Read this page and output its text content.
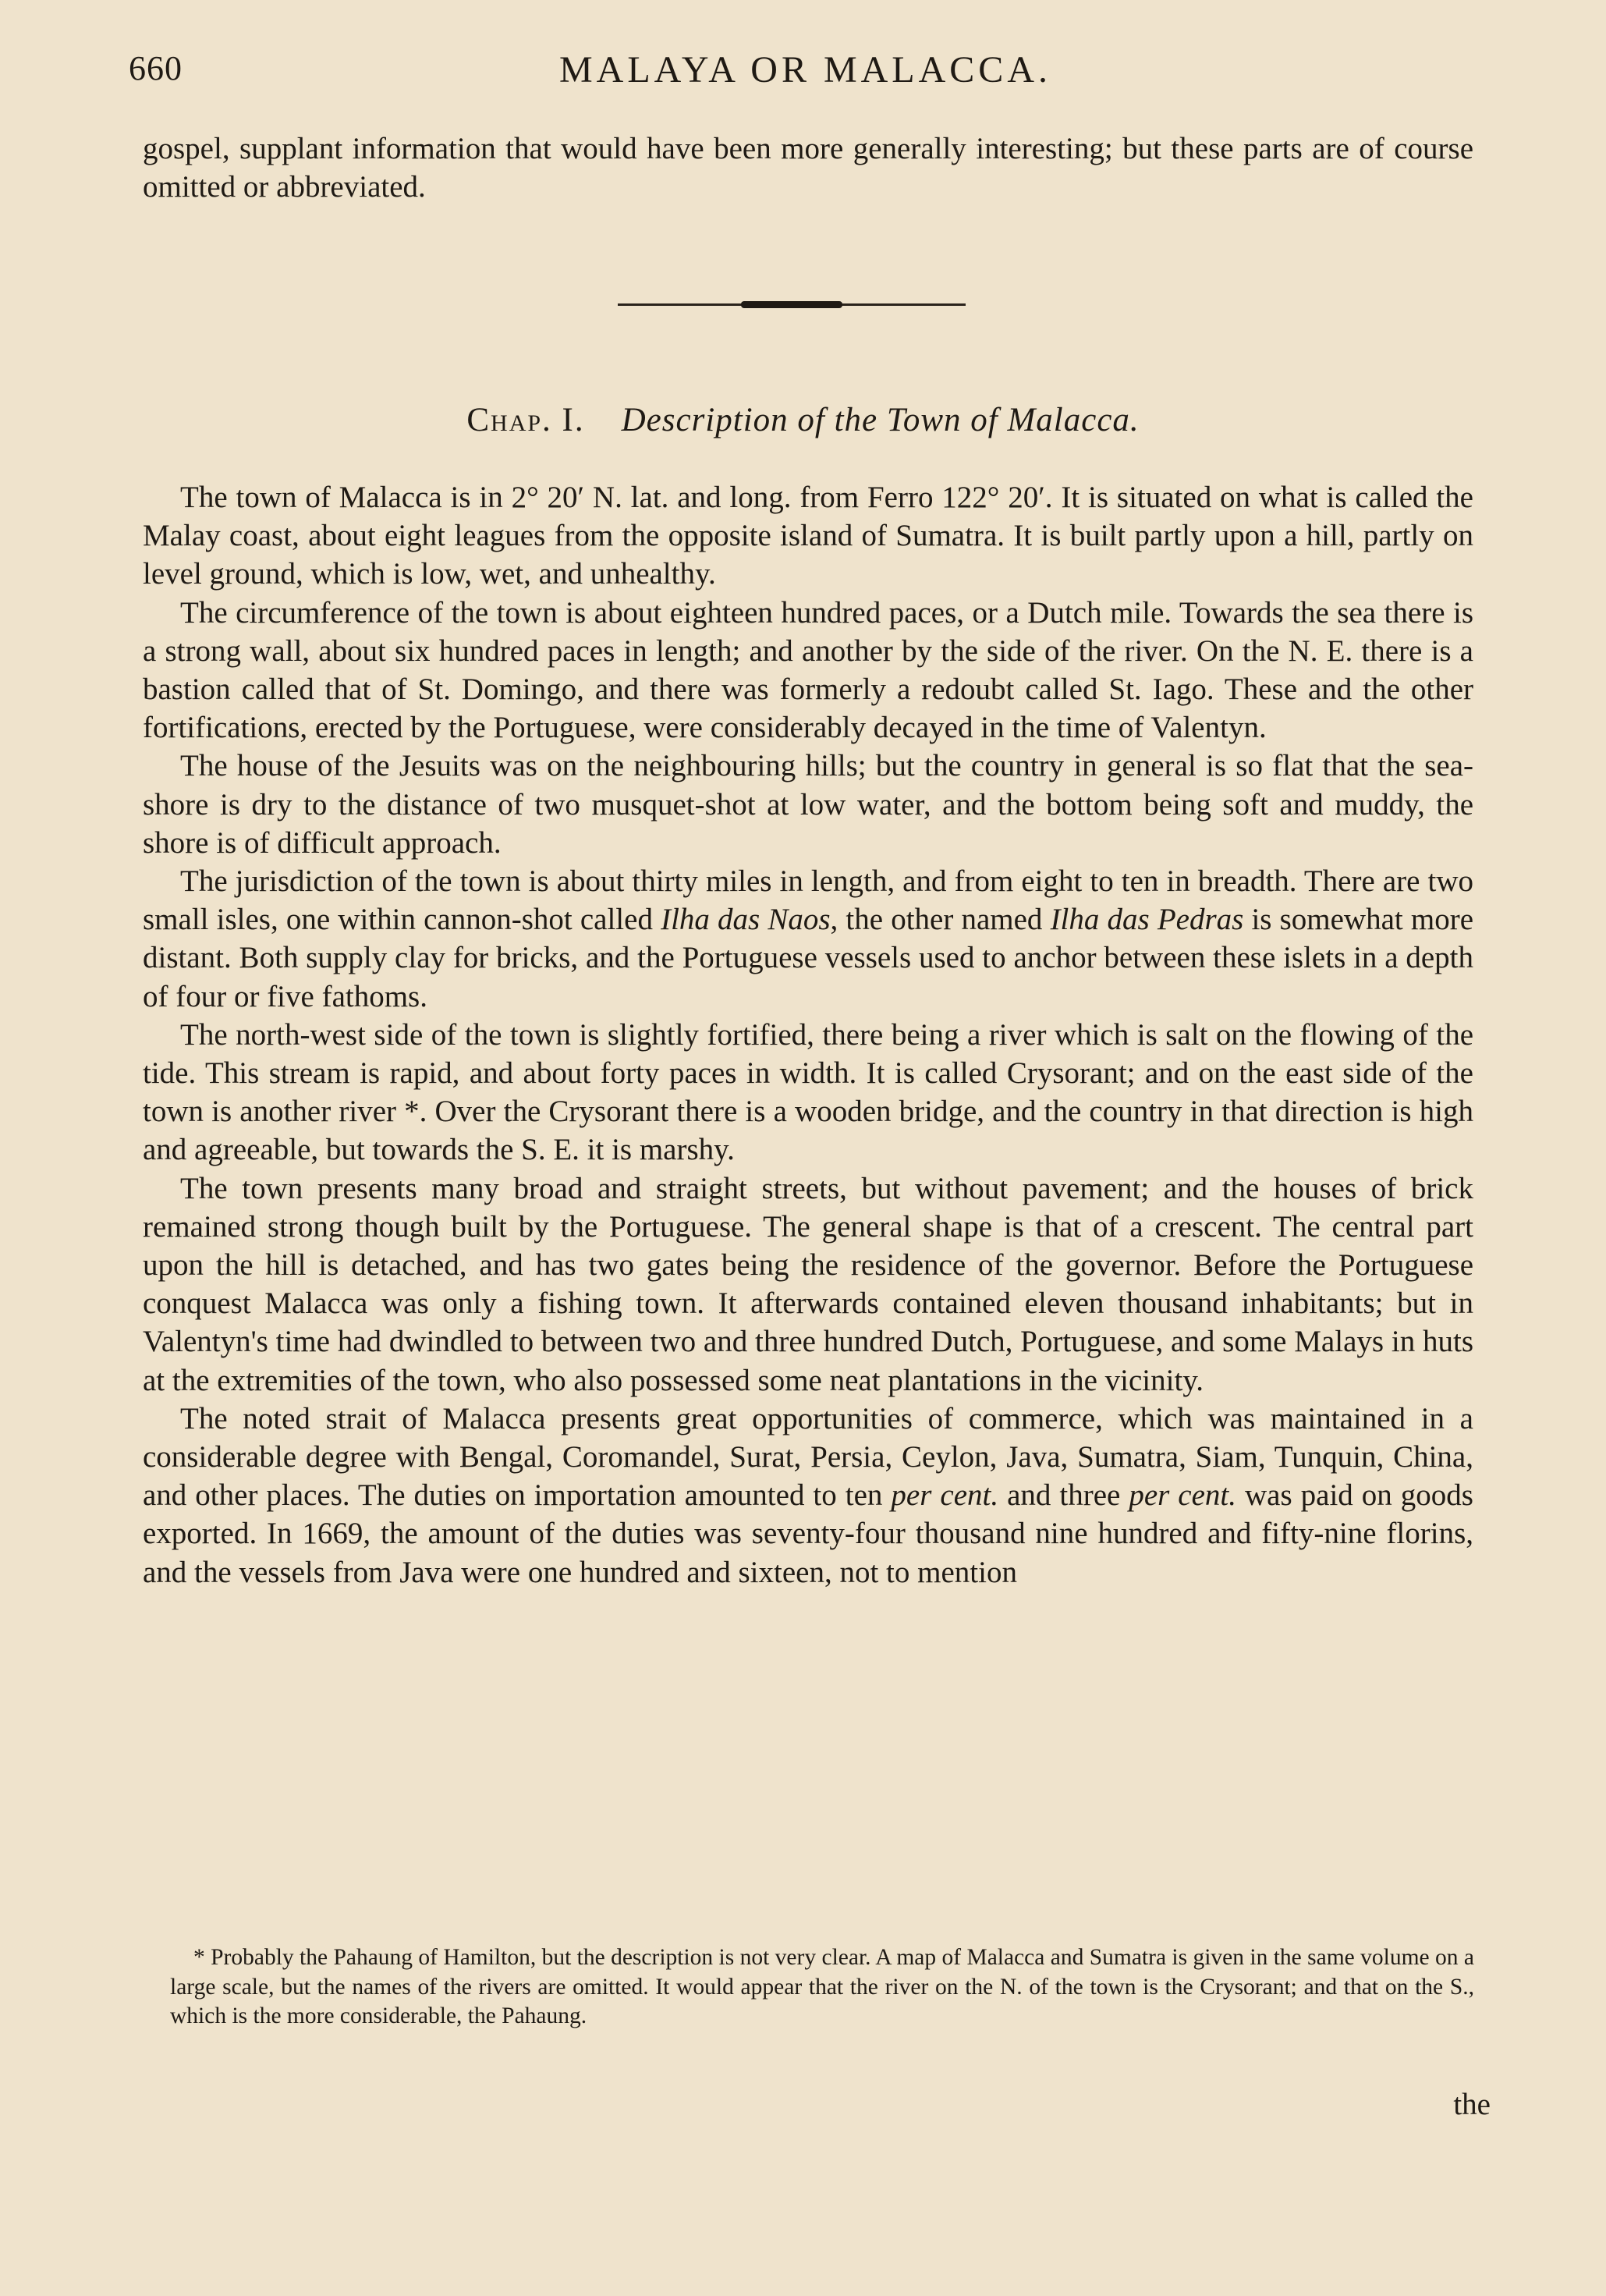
660	MALAYA OR MALACCA.

gospel, supplant information that would have been more generally interesting; but these parts are of course omitted or abbreviated.

Chap. I. Description of the Town of Malacca.

The town of Malacca is in 2° 20′ N. lat. and long. from Ferro 122° 20′. It is situated on what is called the Malay coast, about eight leagues from the opposite island of Sumatra. It is built partly upon a hill, partly on level ground, which is low, wet, and unhealthy.

The circumference of the town is about eighteen hundred paces, or a Dutch mile. Towards the sea there is a strong wall, about six hundred paces in length; and another by the side of the river. On the N. E. there is a bastion called that of St. Domingo, and there was formerly a redoubt called St. Iago. These and the other fortifications, erected by the Portuguese, were considerably decayed in the time of Valentyn.

The house of the Jesuits was on the neighbouring hills; but the country in general is so flat that the sea-shore is dry to the distance of two musquet-shot at low water, and the bottom being soft and muddy, the shore is of difficult approach.

The jurisdiction of the town is about thirty miles in length, and from eight to ten in breadth. There are two small isles, one within cannon-shot called Ilha das Naos, the other named Ilha das Pedras is somewhat more distant. Both supply clay for bricks, and the Portuguese vessels used to anchor between these islets in a depth of four or five fathoms.

The north-west side of the town is slightly fortified, there being a river which is salt on the flowing of the tide. This stream is rapid, and about forty paces in width. It is called Crysorant; and on the east side of the town is another river *. Over the Crysorant there is a wooden bridge, and the country in that direction is high and agreeable, but towards the S. E. it is marshy.

The town presents many broad and straight streets, but without pavement; and the houses of brick remained strong though built by the Portuguese. The general shape is that of a crescent. The central part upon the hill is detached, and has two gates being the residence of the governor. Before the Portuguese conquest Malacca was only a fishing town. It afterwards contained eleven thousand inhabitants; but in Valentyn's time had dwindled to between two and three hundred Dutch, Portuguese, and some Malays in huts at the extremities of the town, who also possessed some neat plantations in the vicinity.

The noted strait of Malacca presents great opportunities of commerce, which was maintained in a considerable degree with Bengal, Coromandel, Surat, Persia, Ceylon, Java, Sumatra, Siam, Tunquin, China, and other places. The duties on importation amounted to ten per cent. and three per cent. was paid on goods exported. In 1669, the amount of the duties was seventy-four thousand nine hundred and fifty-nine florins, and the vessels from Java were one hundred and sixteen, not to mention

* Probably the Pahaung of Hamilton, but the description is not very clear. A map of Malacca and Sumatra is given in the same volume on a large scale, but the names of the rivers are omitted. It would appear that the river on the N. of the town is the Crysorant; and that on the S., which is the more considerable, the Pahaung.

the
